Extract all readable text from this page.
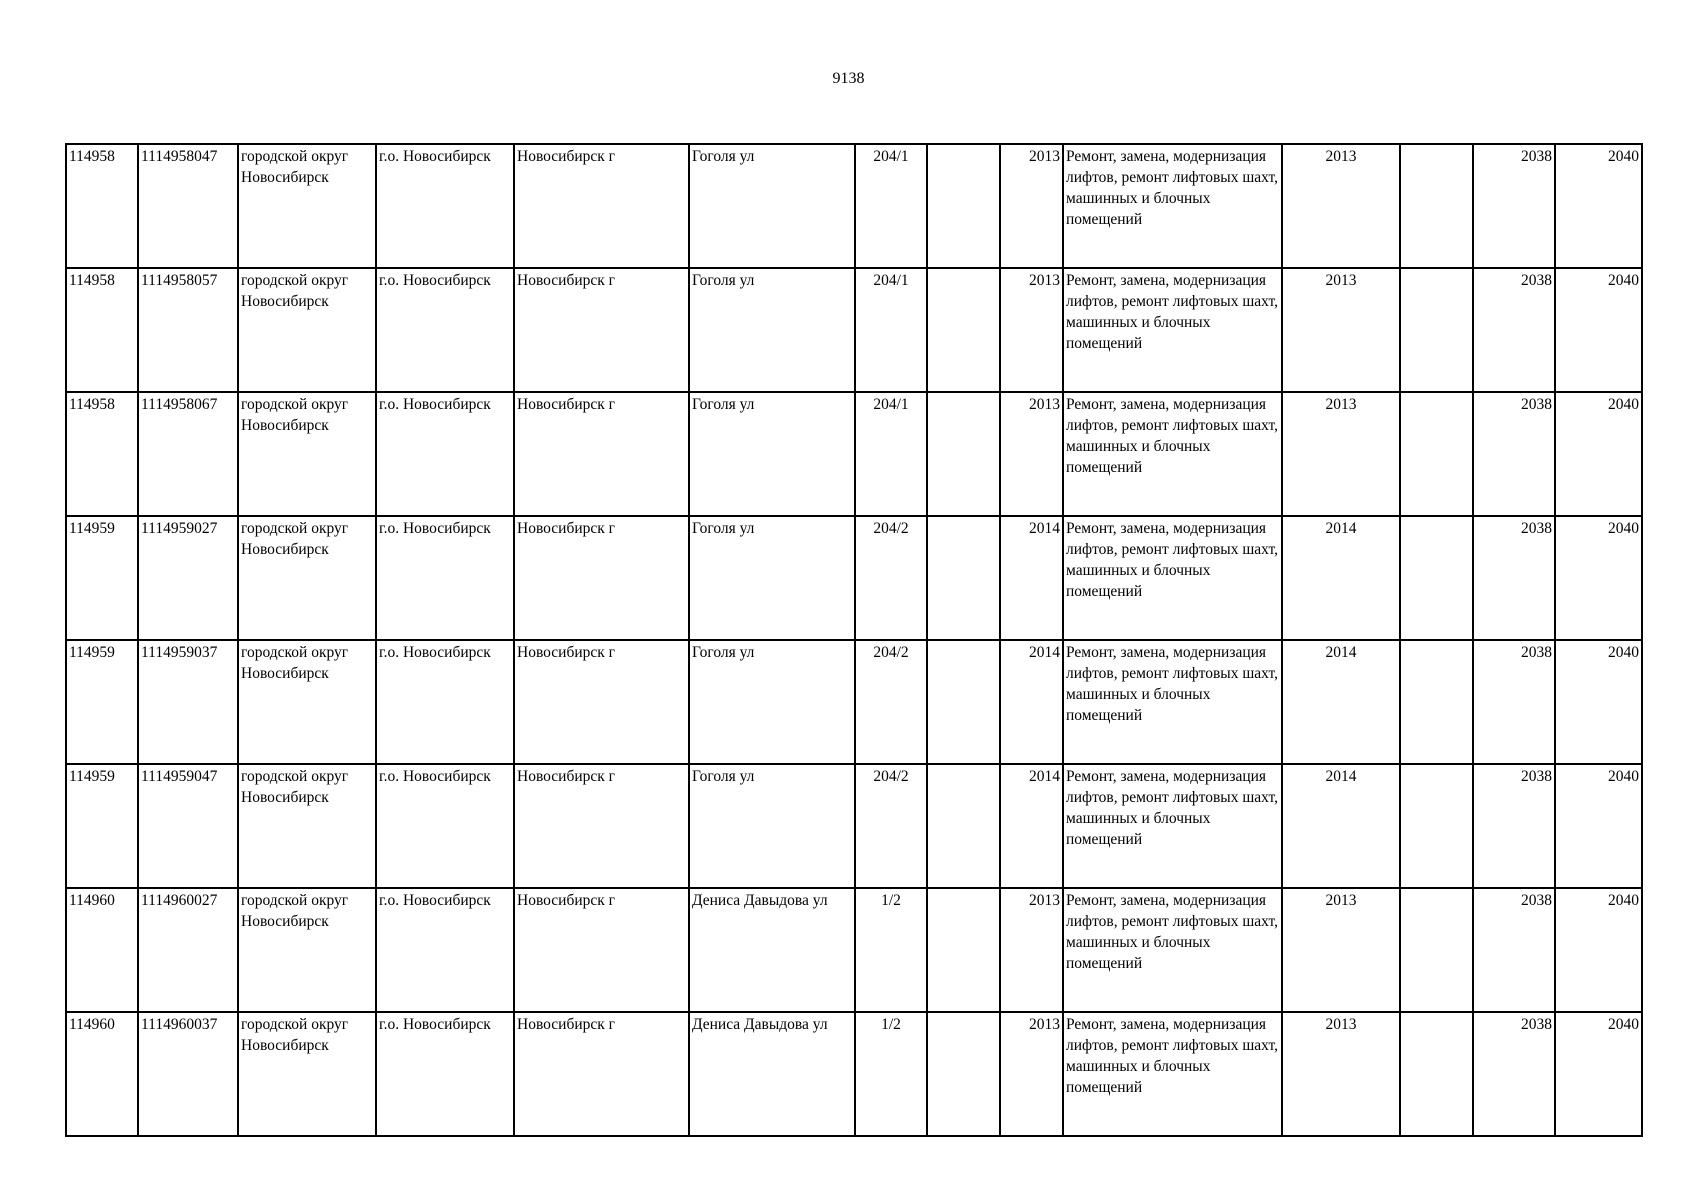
9138
114958	1114958047	городской округ Новосибирск	г.о. Новосибирск	Новосибирск г	Гоголя ул	204/1		2013	Ремонт, замена, модернизация лифтов, ремонт лифтовых шахт, машинных и блочных помещений	2013		2038	2040
114958	1114958057	городской округ Новосибирск	г.о. Новосибирск	Новосибирск г	Гоголя ул	204/1		2013	Ремонт, замена, модернизация лифтов, ремонт лифтовых шахт, машинных и блочных помещений	2013		2038	2040
114958	1114958067	городской округ Новосибирск	г.о. Новосибирск	Новосибирск г	Гоголя ул	204/1		2013	Ремонт, замена, модернизация лифтов, ремонт лифтовых шахт, машинных и блочных помещений	2013		2038	2040
114959	1114959027	городской округ Новосибирск	г.о. Новосибирск	Новосибирск г	Гоголя ул	204/2		2014	Ремонт, замена, модернизация лифтов, ремонт лифтовых шахт, машинных и блочных помещений	2014		2038	2040
114959	1114959037	городской округ Новосибирск	г.о. Новосибирск	Новосибирск г	Гоголя ул	204/2		2014	Ремонт, замена, модернизация лифтов, ремонт лифтовых шахт, машинных и блочных помещений	2014		2038	2040
114959	1114959047	городской округ Новосибирск	г.о. Новосибирск	Новосибирск г	Гоголя ул	204/2		2014	Ремонт, замена, модернизация лифтов, ремонт лифтовых шахт, машинных и блочных помещений	2014		2038	2040
114960	1114960027	городской округ Новосибирск	г.о. Новосибирск	Новосибирск г	Дениса Давыдова ул	1/2		2013	Ремонт, замена, модернизация лифтов, ремонт лифтовых шахт, машинных и блочных помещений	2013		2038	2040
114960	1114960037	городской округ Новосибирск	г.о. Новосибирск	Новосибирск г	Дениса Давыдова ул	1/2		2013	Ремонт, замена, модернизация лифтов, ремонт лифтовых шахт, машинных и блочных помещений	2013		2038	2040
